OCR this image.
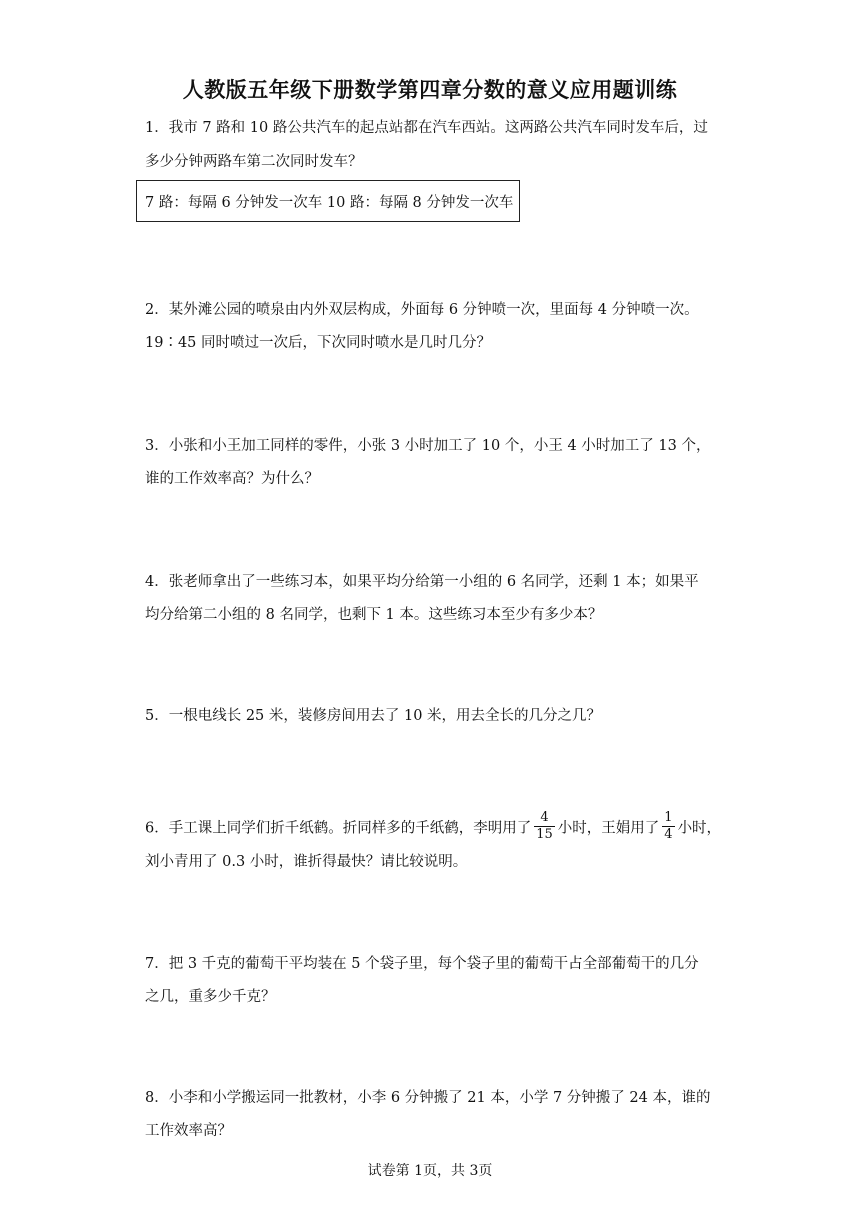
人教版五年级下册数学第四章分数的意义应用题训练
1．我市 7 路和 10 路公共汽车的起点站都在汽车西站。这两路公共汽车同时发车后，过
多少分钟两路车第二次同时发车？
7 路：每隔 6 分钟发一次车 10 路：每隔 8 分钟发一次车
2．某外滩公园的喷泉由内外双层构成，外面每 6 分钟喷一次，里面每 4 分钟喷一次。
19∶45 同时喷过一次后，下次同时喷水是几时几分？
3．小张和小王加工同样的零件，小张 3 小时加工了 10 个，小王 4 小时加工了 13 个，
谁的工作效率高？为什么？
4．张老师拿出了一些练习本，如果平均分给第一小组的 6 名同学，还剩 1 本；如果平
均分给第二小组的 8 名同学，也剩下 1 本。这些练习本至少有多少本？
5．一根电线长 25 米，装修房间用去了 10 米，用去全长的几分之几？
6．手工课上同学们折千纸鹤。折同样多的千纸鹤，李明用了 $\frac{4}{15}$ 小时，王娟用了 $\frac{1}{4}$ 小时，
刘小青用了 0.3 小时，谁折得最快？请比较说明。
7．把 3 千克的葡萄干平均装在 5 个袋子里，每个袋子里的葡萄干占全部葡萄干的几分
之几，重多少千克？
8．小李和小学搬运同一批教材，小李 6 分钟搬了 21 本，小学 7 分钟搬了 24 本，谁的
工作效率高？
试卷第 1页，共 3页
